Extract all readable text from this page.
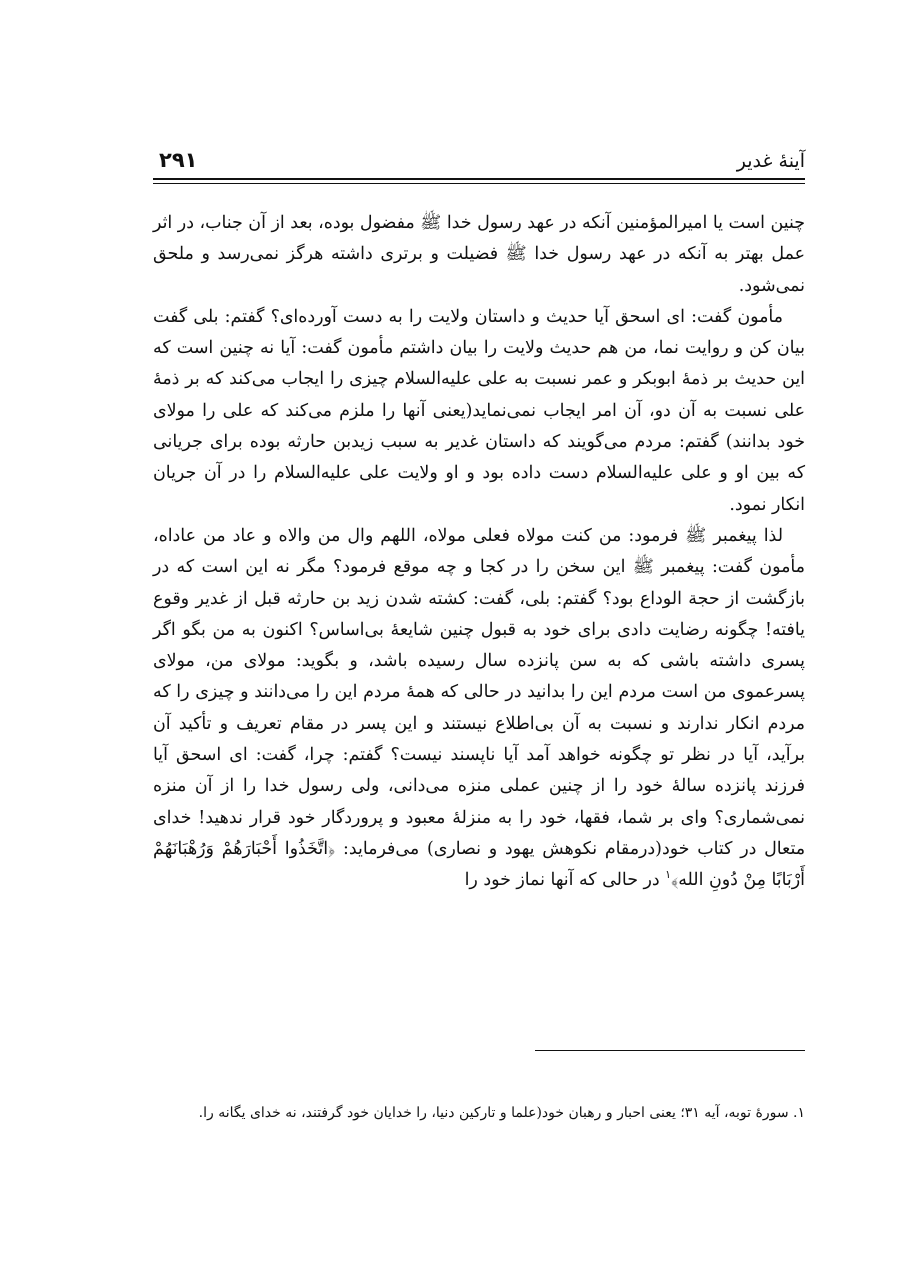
آینۀ غدیر
۲۹۱

چنین است یا امیرالمؤمنین آنکه در عهد رسول خدا ﷺ مفضول بوده، بعد از آن جناب، در اثر عمل بهتر به آنکه در عهد رسول خدا ﷺ فضیلت و برتری داشته هرگز نمی‌رسد و ملحق نمی‌شود.

مأمون گفت: ای اسحق آیا حدیث و داستان ولایت را به دست آورده‌ای؟ گفتم: بلی گفت بیان کن و روایت نما، من هم حدیث ولایت را بیان داشتم مأمون گفت: آیا نه چنین است که این حدیث بر ذمۀ ابوبکر و عمر نسبت به علی علیه‌السلام چیزی را ایجاب می‌کند که بر ذمۀ علی نسبت به آن دو، آن امر ایجاب نمی‌نماید(یعنی آنها را ملزم می‌کند که علی را مولای خود بدانند) گفتم: مردم می‌گویند که داستان غدیر به سبب زیدبن حارثه بوده برای جریانی که بین او و علی علیه‌السلام دست داده بود و او ولایت علی علیه‌السلام را در آن جریان انکار نمود.

لذا پیغمبر ﷺ فرمود: من کنت مولاه فعلی مولاه، اللهم وال من والاه و عاد من عاداه، مأمون گفت: پیغمبر ﷺ این سخن را در کجا و چه موقع فرمود؟ مگر نه این است که در بازگشت از حجة الوداع بود؟ گفتم: بلی، گفت: کشته شدن زید بن حارثه قبل از غدیر وقوع یافته! چگونه رضایت دادی برای خود به قبول چنین شایعۀ بی‌اساس؟ اکنون به من بگو اگر پسری داشته باشی که به سن پانزده سال رسیده باشد، و بگوید: مولای من، مولای پسرعموی من است مردم این را بدانید در حالی که همۀ مردم این را می‌دانند و چیزی را که مردم انکار ندارند و نسبت به آن بی‌اطلاع نیستند و این پسر در مقام تعریف و تأکید آن برآید، آیا در نظر تو چگونه خواهد آمد آیا ناپسند نیست؟ گفتم: چرا، گفت: ای اسحق آیا فرزند پانزده سالۀ خود را از چنین عملی منزه می‌دانی، ولی رسول خدا را از آن منزه نمی‌شماری؟ وای بر شما، فقها، خود را به منزلۀ معبود و پروردگار خود قرار ندهید! خدای متعال در کتاب خود(درمقام نکوهش یهود و نصاری) می‌فرماید: ﴿اتَّخَذُوا أَحْبَارَهُمْ وَرُهْبَانَهُمْ أَرْبَابًا مِنْ دُونِ الله﴾$^۱$ در حالی که آنها نماز خود را

۱. سورۀ توبه، آیه ۳۱؛ یعنی احبار و رهبان خود(علما و تارکین دنیا، را خدایان خود گرفتند، نه خدای یگانه را.
